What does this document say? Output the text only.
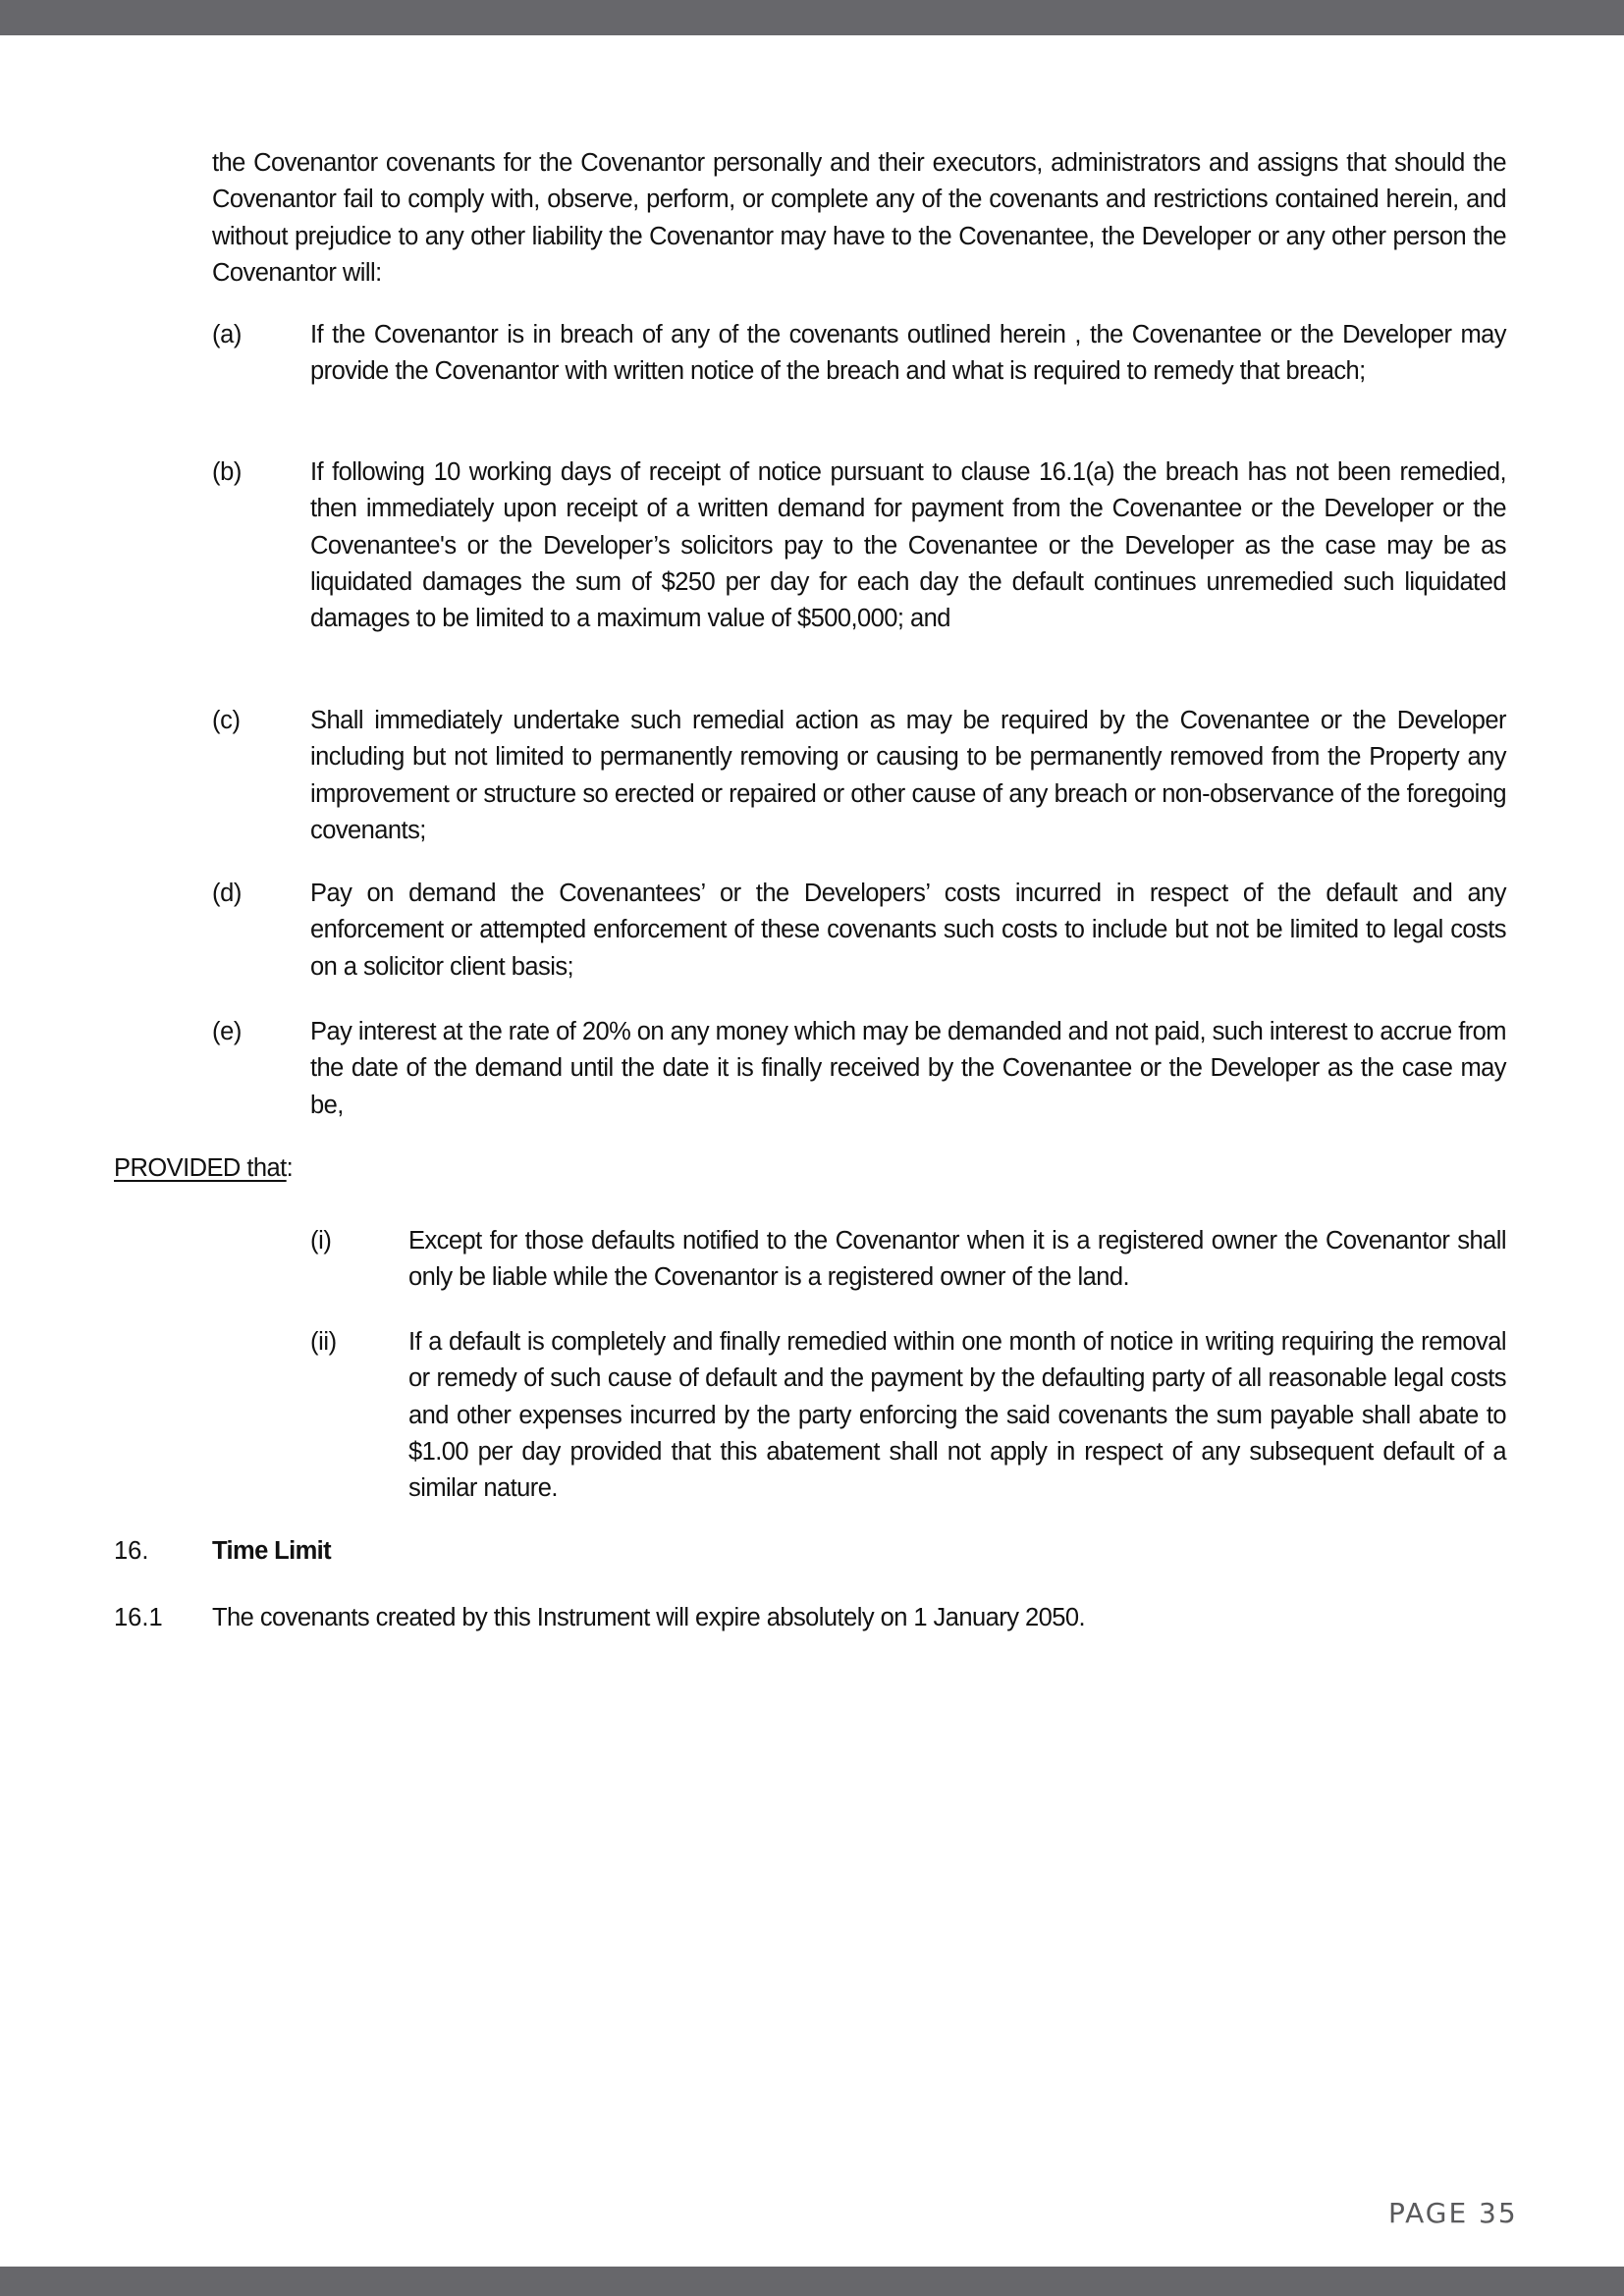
the Covenantor covenants for the Covenantor personally and their executors, administrators and assigns that should the Covenantor fail to comply with, observe, perform, or complete any of the covenants and restrictions contained herein, and without prejudice to any other liability the Covenantor may have to the Covenantee, the Developer or any other person the Covenantor will:
(a)	If the Covenantor is in breach of any of the covenants outlined herein , the Covenantee or the Developer may provide the Covenantor with written notice of the breach and what is required to remedy that breach;
(b)	If following 10 working days of receipt of notice pursuant to clause 16.1(a) the breach has not been remedied, then immediately upon receipt of a written demand for payment from the Covenantee or the Developer or the Covenantee's or the Developer’s solicitors pay to the Covenantee or the Developer as the case may be as liquidated damages the sum of $250 per day for each day the default continues unremedied such liquidated damages to be limited to a maximum value of $500,000; and
(c)	Shall immediately undertake such remedial action as may be required by the Covenantee or the Developer including but not limited to permanently removing or causing to be permanently removed from the Property any improvement or structure so erected or repaired or other cause of any breach or non-observance of the foregoing covenants;
(d)	Pay on demand the Covenantees’ or the Developers’ costs incurred in respect of the default and any enforcement or attempted enforcement of these covenants such costs to include but not be limited to legal costs on a solicitor client basis;
(e)	Pay interest at the rate of 20% on any money which may be demanded and not paid, such interest to accrue from the date of the demand until the date it is finally received by the Covenantee or the Developer as the case may be,
PROVIDED that:
(i)	Except for those defaults notified to the Covenantor when it is a registered owner the Covenantor shall only be liable while the Covenantor is a registered owner of the land.
(ii)	If a default is completely and finally remedied within one month of notice in writing requiring the removal or remedy of such cause of default and the payment by the defaulting party of all reasonable legal costs and other expenses incurred by the party enforcing the said covenants the sum payable shall abate to $1.00 per day provided that this abatement shall not apply in respect of any subsequent default of a similar nature.
16.	Time Limit
16.1 The covenants created by this Instrument will expire absolutely on 1 January 2050.
PAGE 35
